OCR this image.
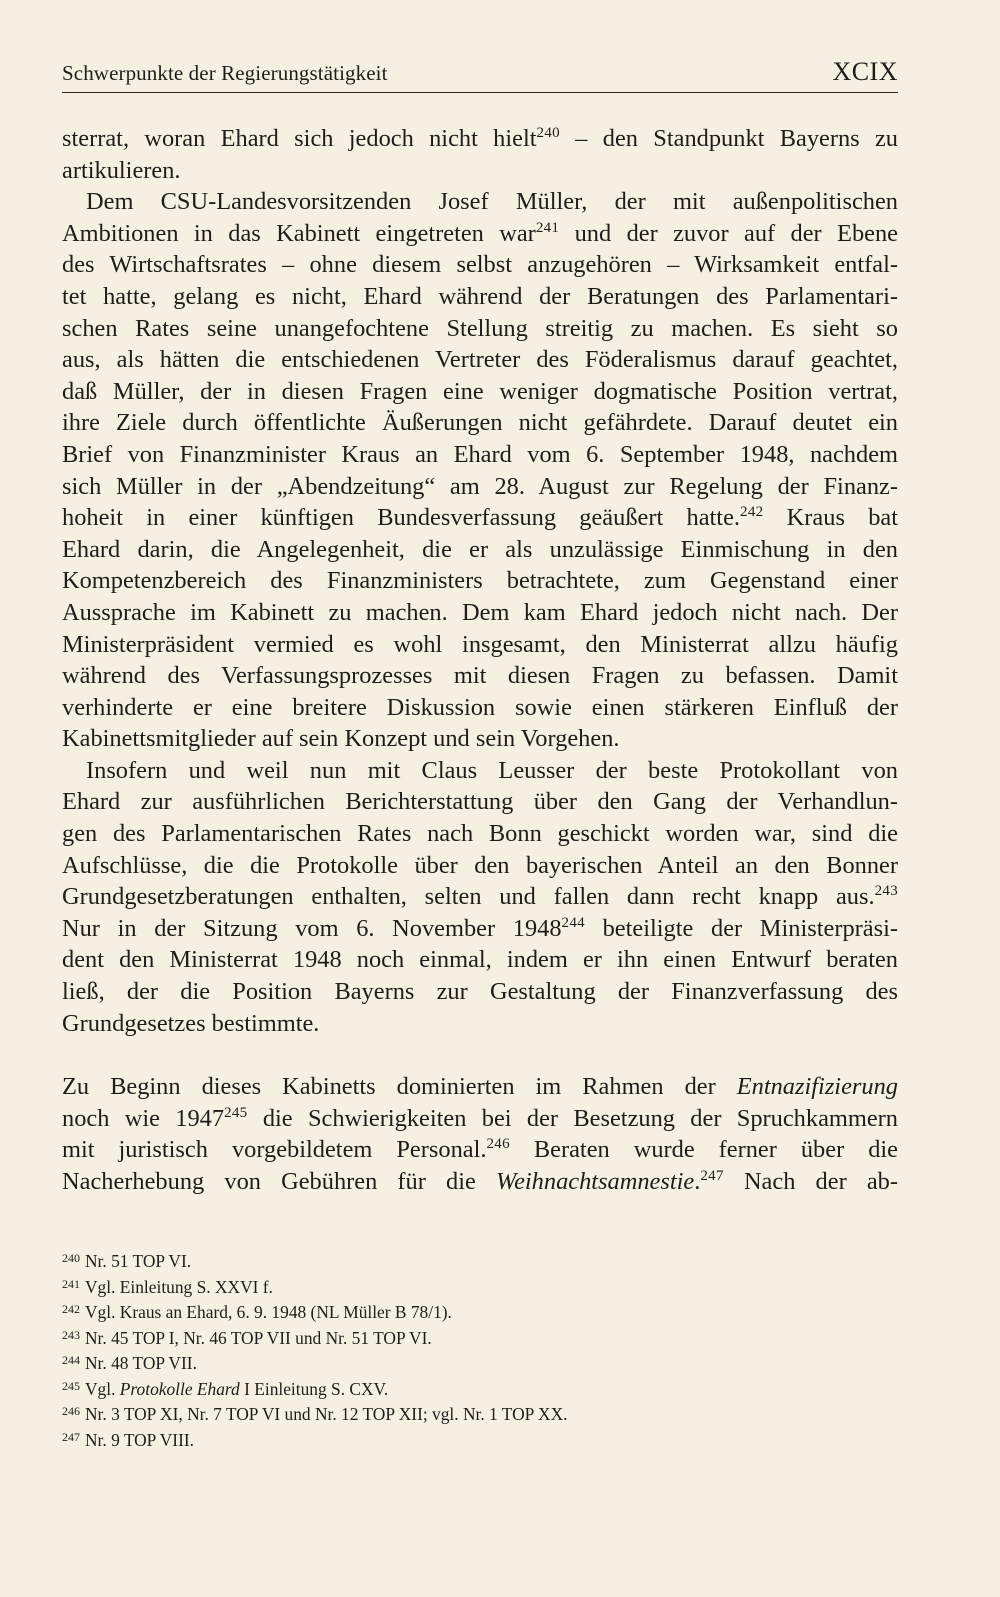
Schwerpunkte der Regierungstätigkeit	XCIX
sterrat, woran Ehard sich jedoch nicht hielt$^{240}$ – den Standpunkt Bayerns zu
artikulieren.
Dem CSU-Landesvorsitzenden Josef Müller, der mit außenpolitischen
Ambitionen in das Kabinett eingetreten war$^{241}$ und der zuvor auf der Ebene
des Wirtschaftsrates – ohne diesem selbst anzugehören – Wirksamkeit entfal-
tet hatte, gelang es nicht, Ehard während der Beratungen des Parlamentari-
schen Rates seine unangefochtene Stellung streitig zu machen. Es sieht so
aus, als hätten die entschiedenen Vertreter des Föderalismus darauf geachtet,
daß Müller, der in diesen Fragen eine weniger dogmatische Position vertrat,
ihre Ziele durch öffentlichte Äußerungen nicht gefährdete. Darauf deutet ein
Brief von Finanzminister Kraus an Ehard vom 6. September 1948, nachdem
sich Müller in der „Abendzeitung“ am 28. August zur Regelung der Finanz-
hoheit in einer künftigen Bundesverfassung geäußert hatte.$^{242}$ Kraus bat
Ehard darin, die Angelegenheit, die er als unzulässige Einmischung in den
Kompetenzbereich des Finanzministers betrachtete, zum Gegenstand einer
Aussprache im Kabinett zu machen. Dem kam Ehard jedoch nicht nach. Der
Ministerpräsident vermied es wohl insgesamt, den Ministerrat allzu häufig
während des Verfassungsprozesses mit diesen Fragen zu befassen. Damit
verhinderte er eine breitere Diskussion sowie einen stärkeren Einfluß der
Kabinettsmitglieder auf sein Konzept und sein Vorgehen.
Insofern und weil nun mit Claus Leusser der beste Protokollant von
Ehard zur ausführlichen Berichterstattung über den Gang der Verhandlun-
gen des Parlamentarischen Rates nach Bonn geschickt worden war, sind die
Aufschlüsse, die die Protokolle über den bayerischen Anteil an den Bonner
Grundgesetzberatungen enthalten, selten und fallen dann recht knapp aus.$^{243}$
Nur in der Sitzung vom 6. November 1948$^{244}$ beteiligte der Ministerpräsi-
dent den Ministerrat 1948 noch einmal, indem er ihn einen Entwurf beraten
ließ, der die Position Bayerns zur Gestaltung der Finanzverfassung des
Grundgesetzes bestimmte.
Zu Beginn dieses Kabinetts dominierten im Rahmen der Entnazifizierung
noch wie 1947$^{245}$ die Schwierigkeiten bei der Besetzung der Spruchkammern
mit juristisch vorgebildetem Personal.$^{246}$ Beraten wurde ferner über die
Nacherhebung von Gebühren für die Weihnachtsamnestie.$^{247}$ Nach der ab-
$^{240}$ Nr. 51 TOP VI.
$^{241}$ Vgl. Einleitung S. XXVI f.
$^{242}$ Vgl. Kraus an Ehard, 6. 9. 1948 (NL Müller B 78/1).
$^{243}$ Nr. 45 TOP I, Nr. 46 TOP VII und Nr. 51 TOP VI.
$^{244}$ Nr. 48 TOP VII.
$^{245}$ Vgl. Protokolle Ehard I Einleitung S. CXV.
$^{246}$ Nr. 3 TOP XI, Nr. 7 TOP VI und Nr. 12 TOP XII; vgl. Nr. 1 TOP XX.
$^{247}$ Nr. 9 TOP VIII.
